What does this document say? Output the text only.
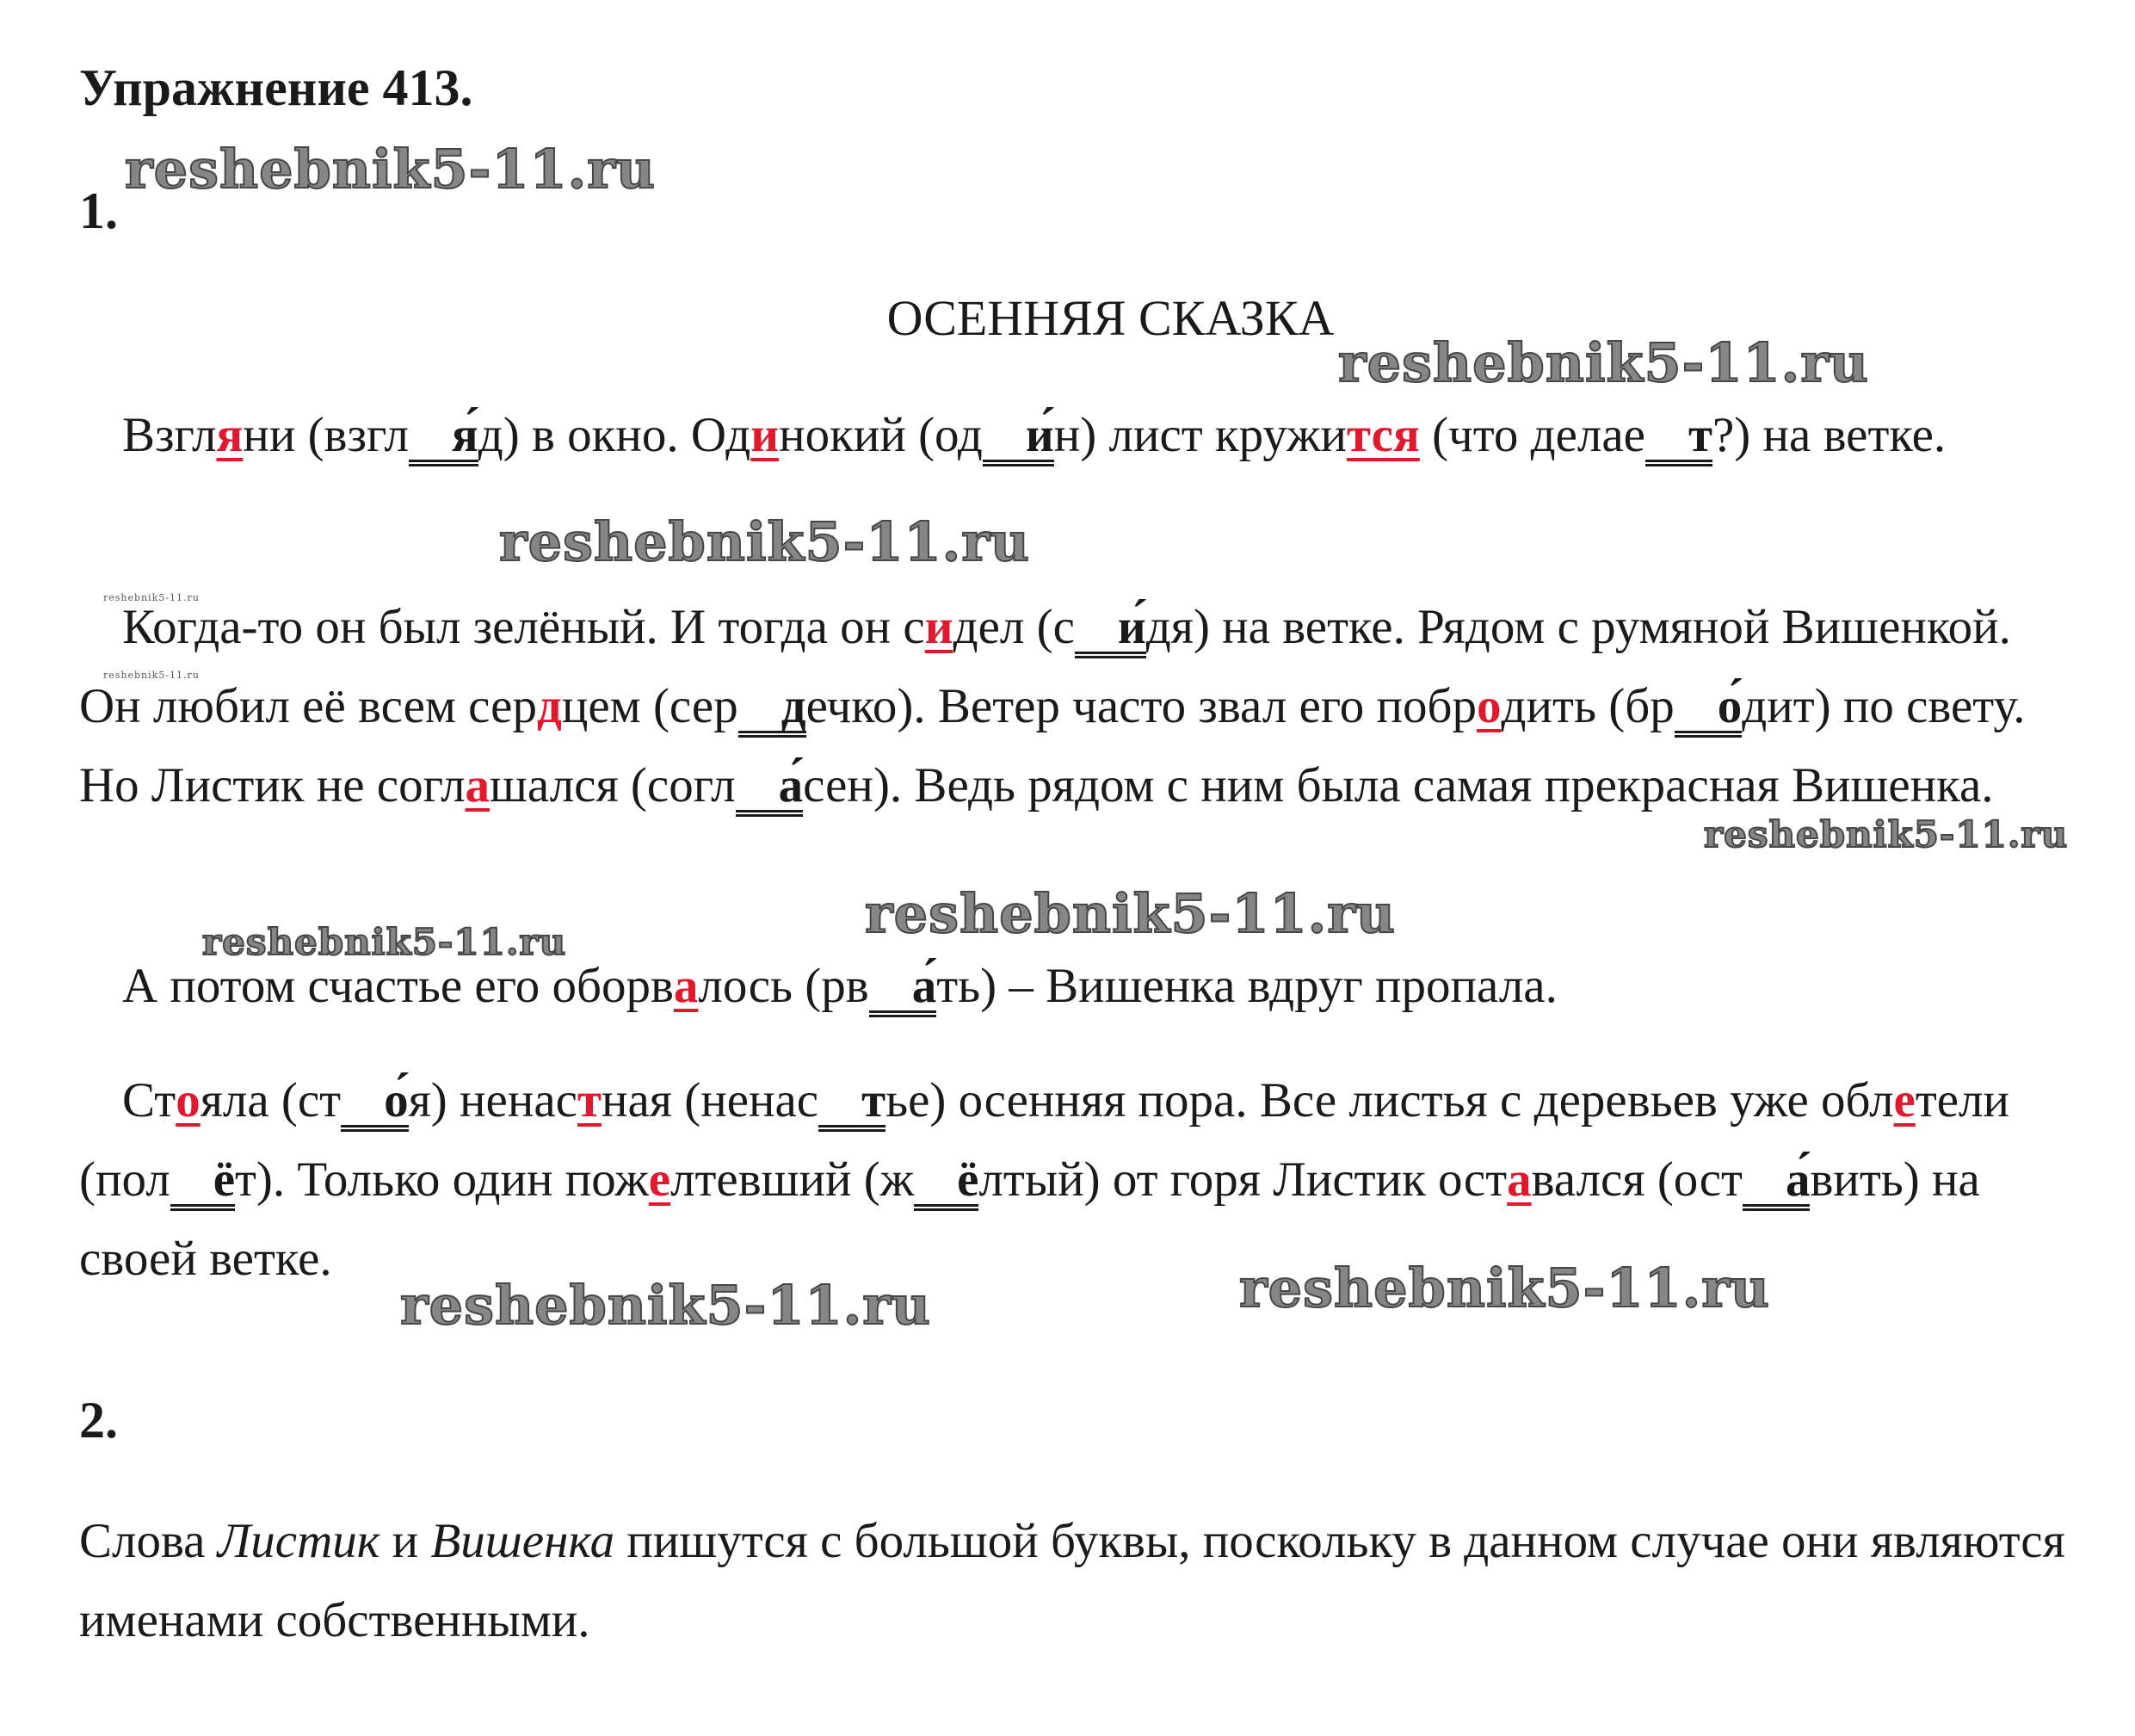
Упражнение 413.
1.
ОСЕННЯЯ СКАЗКА

Взгляни (взгл я́д) в окно. Одинокий (од и́н) лист кружится (что делае т?) на ветке.

Когда-то он был зелёный. И тогда он сидел (с и́дя) на ветке. Рядом с румяной Вишенкой. Он любил её всем сердцем (сер дечко). Ветер часто звал его побродить (бр о́дит) по свету. Но Листик не соглашался (согл а́сен). Ведь рядом с ним была самая прекрасная Вишенка.

А потом счастье его оборвалось (рв а́ть) – Вишенка вдруг пропала.

Стояла (ст о́я) ненастная (ненас тье) осенняя пора. Все листья с деревьев уже облетели (пол ёт). Только один пожелтевший (ж ёлтый) от горя Листик оставался (ост а́вить) на своей ветке.

2.

Слова Листик и Вишенка пишутся с большой буквы, поскольку в данном случае они являются именами собственными.

reshebnik5-11.ru
reshebnik5-11.ru
reshebnik5-11.ru
reshebnik5-11.ru
reshebnik5-11.ru
reshebnik5-11.ru
reshebnik5-11.ru
reshebnik5-11.ru
reshebnik5-11.ru	reshebnik5-11.ru
